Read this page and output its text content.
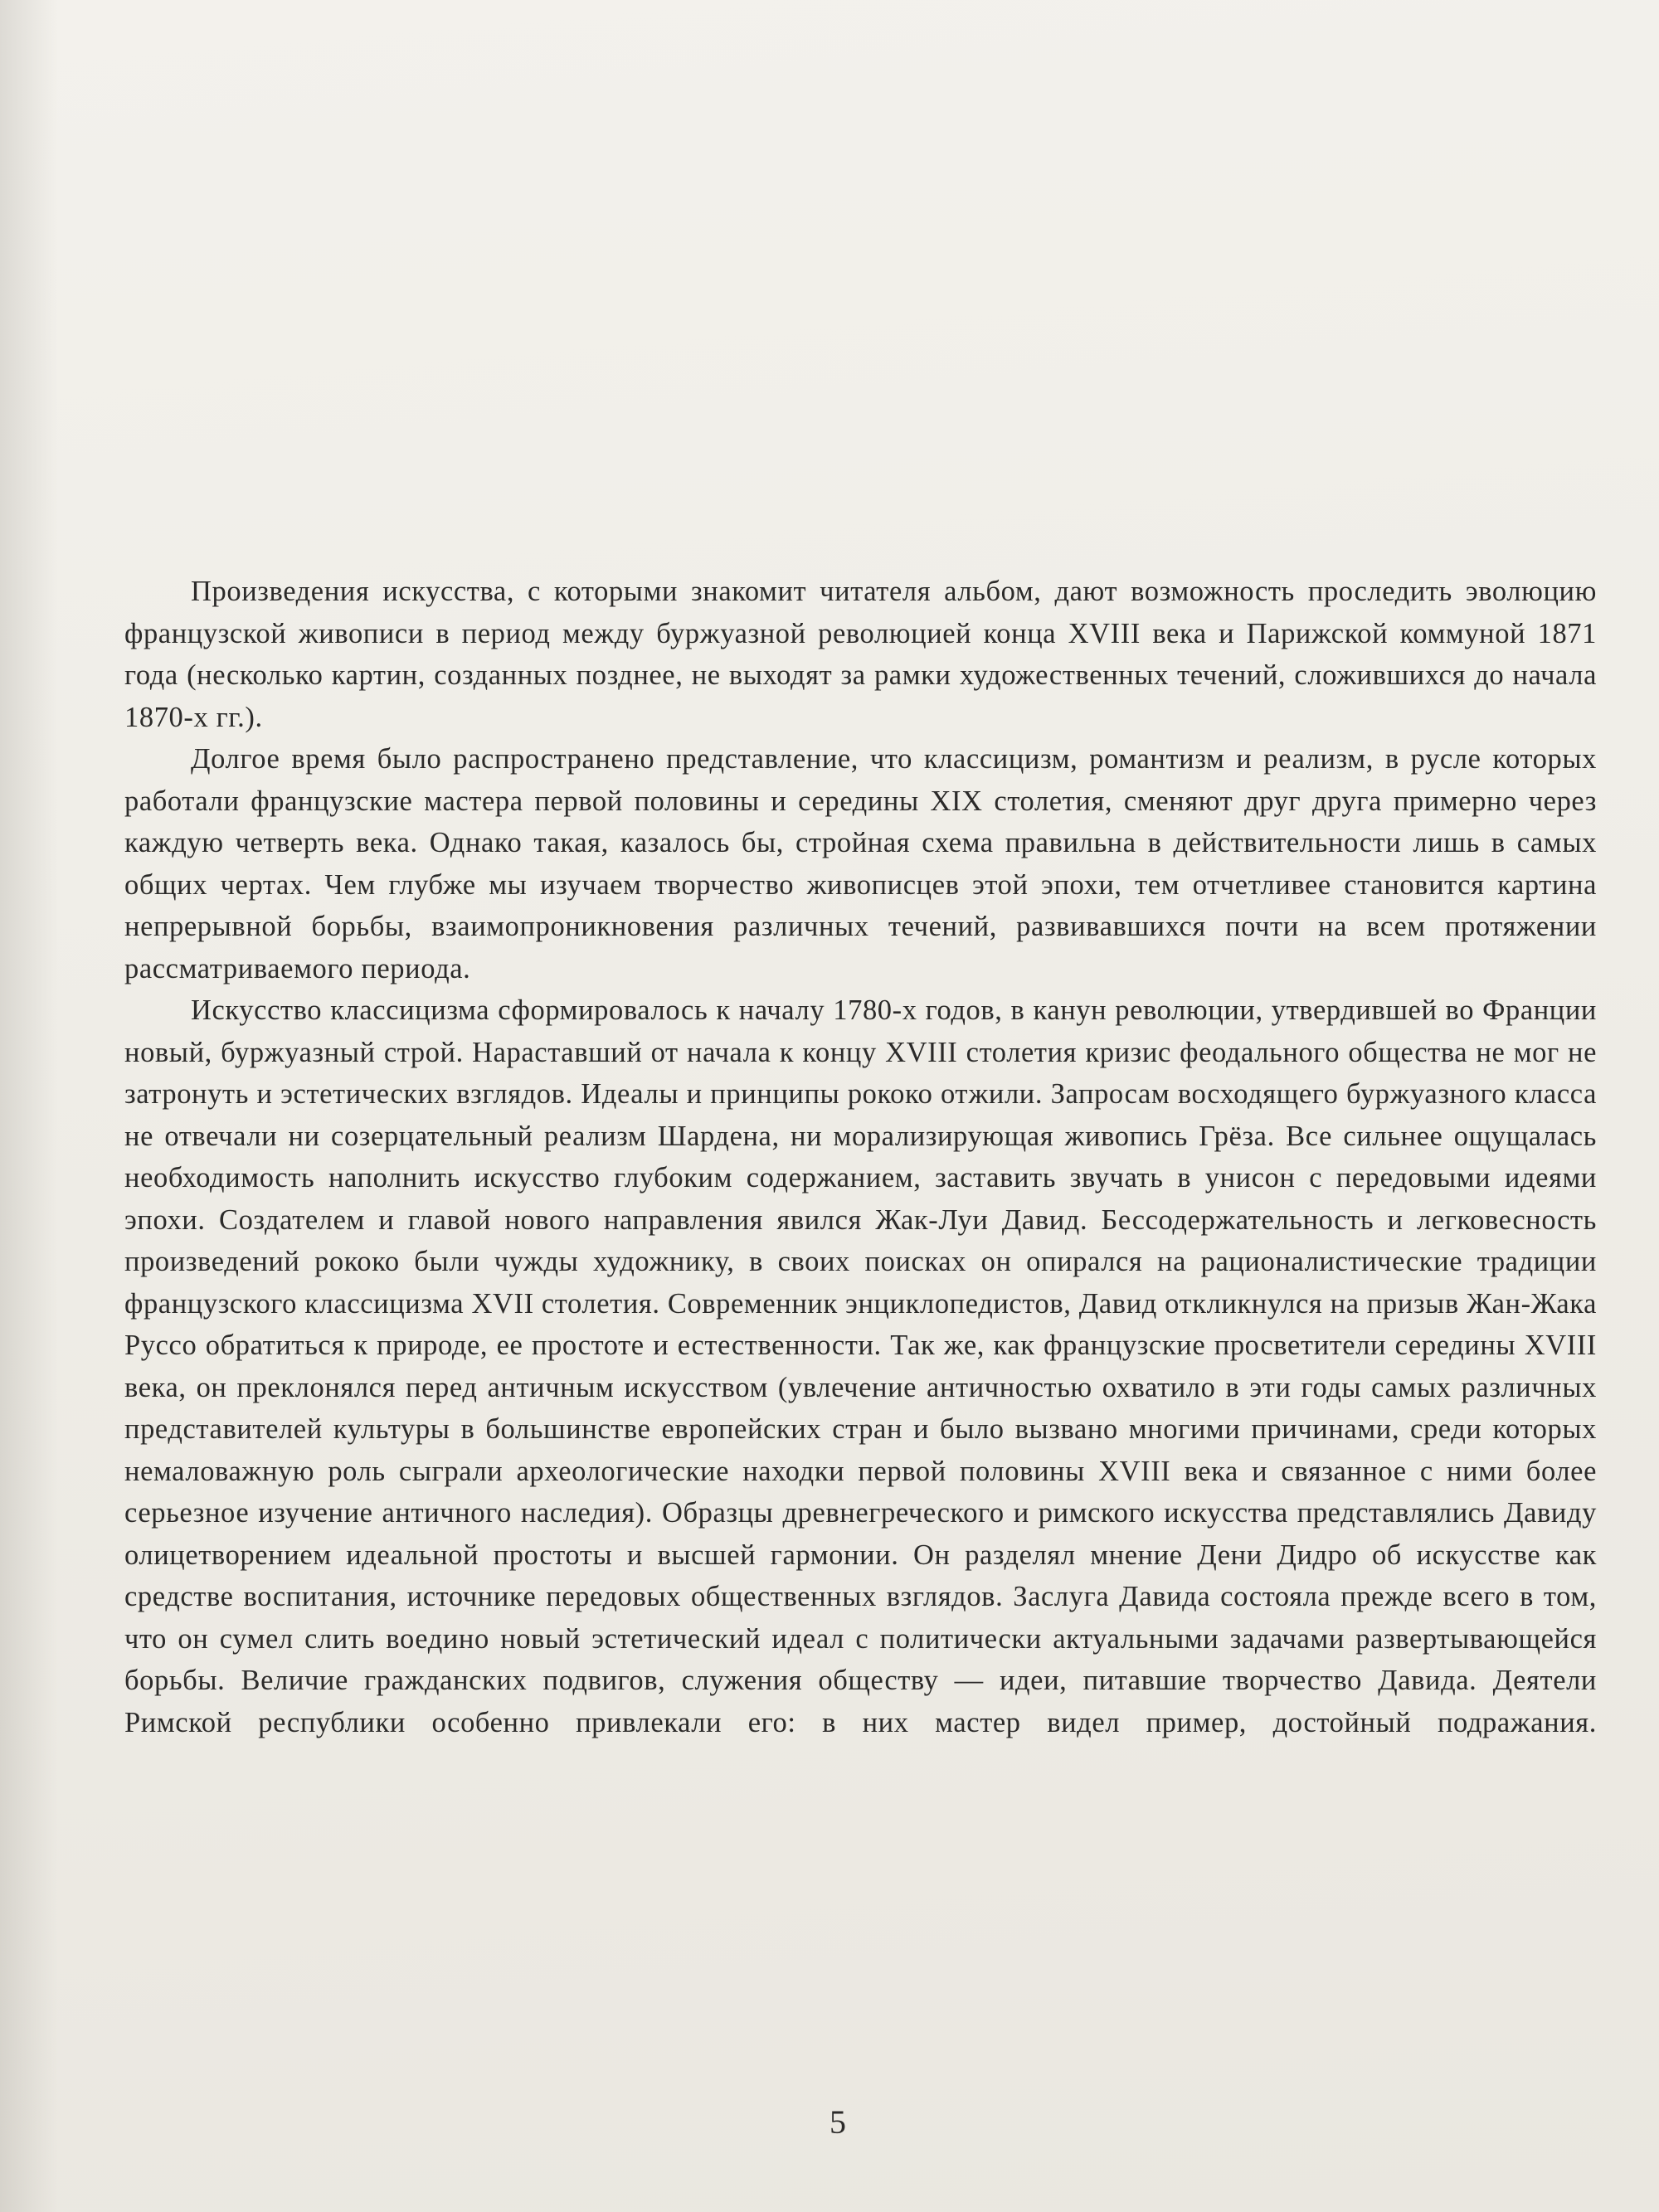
Произведения искусства, с которыми знакомит читателя альбом, дают возможность проследить эволюцию французской живописи в период между буржуазной революцией конца XVIII века и Парижской коммуной 1871 года (несколько картин, созданных позднее, не выходят за рамки художественных течений, сложившихся до начала 1870-х гг.).

Долгое время было распространено представление, что классицизм, романтизм и реализм, в русле которых работали французские мастера первой половины и середины XIX столетия, сменяют друг друга примерно через каждую четверть века. Однако такая, казалось бы, стройная схема правильна в действительности лишь в самых общих чертах. Чем глубже мы изучаем творчество живописцев этой эпохи, тем отчетливее становится картина непрерывной борьбы, взаимопроникновения различных течений, развивавшихся почти на всем протяжении рассматриваемого периода.

Искусство классицизма сформировалось к началу 1780-х годов, в канун революции, утвердившей во Франции новый, буржуазный строй. Нараставший от начала к концу XVIII столетия кризис феодального общества не мог не затронуть и эстетических взглядов. Идеалы и принципы рококо отжили. Запросам восходящего буржуазного класса не отвечали ни созерцательный реализм Шардена, ни морализирующая живопись Грёза. Все сильнее ощущалась необходимость наполнить искусство глубоким содержанием, заставить звучать в унисон с передовыми идеями эпохи. Создателем и главой нового направления явился Жак-Луи Давид. Бессодержательность и легковесность произведений рококо были чужды художнику, в своих поисках он опирался на рационалистические традиции французского классицизма XVII столетия. Современник энциклопедистов, Давид откликнулся на призыв Жан-Жака Руссо обратиться к природе, ее простоте и естественности. Так же, как французские просветители середины XVIII века, он преклонялся перед античным искусством (увлечение античностью охватило в эти годы самых различных представителей культуры в большинстве европейских стран и было вызвано многими причинами, среди которых немаловажную роль сыграли археологические находки первой половины XVIII века и связанное с ними более серьезное изучение античного наследия). Образцы древнегреческого и римского искусства представлялись Давиду олицетворением идеальной простоты и высшей гармонии. Он разделял мнение Дени Дидро об искусстве как средстве воспитания, источнике передовых общественных взглядов. Заслуга Давида состояла прежде всего в том, что он сумел слить воедино новый эстетический идеал с политически актуальными задачами развертывающейся борьбы. Величие гражданских подвигов, служения обществу — идеи, питавшие творчество Давида. Деятели Римской республики особенно привлекали его: в них мастер видел пример, достойный подражания.

5
